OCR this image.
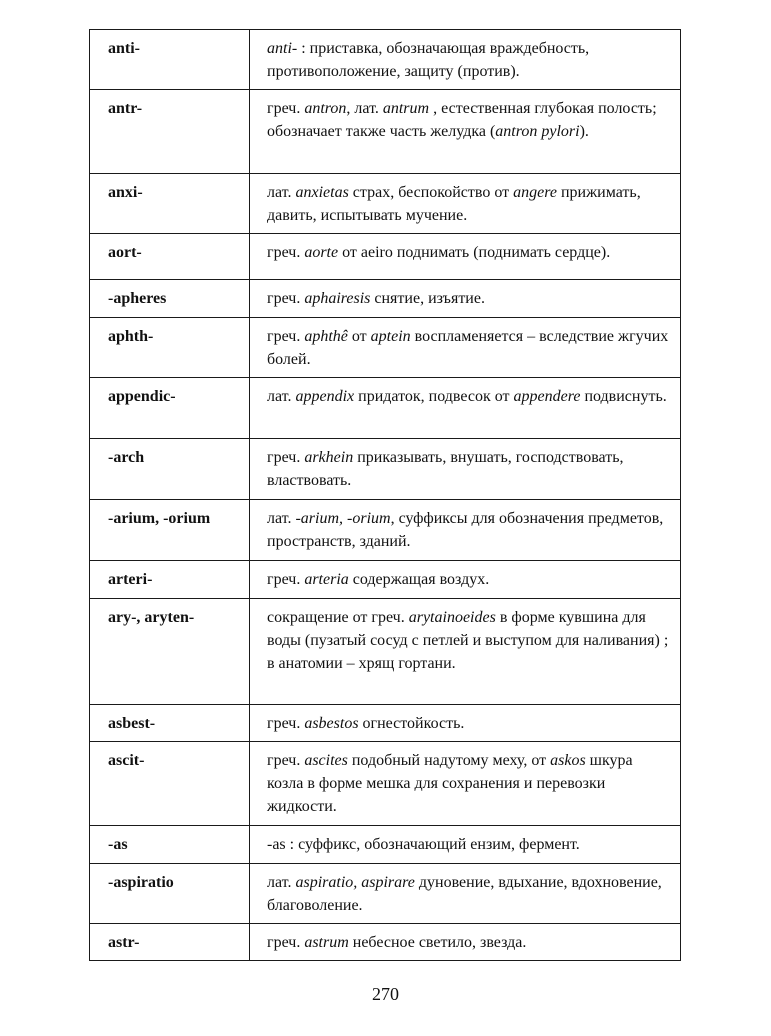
anti-	anti- : приставка, обозначающая враждебность, противоположение, защиту (против).
antr-	греч. antron, лат. antrum , естественная глубокая полость; обозначает также часть желудка (antron pylori).
anxi-	лат. anxietas страх, беспокойство от angere прижимать, давить, испытывать мучение.
aort-	греч. aorte от aeiro поднимать (поднимать сердце).
-apheres	греч. aphairesis снятие, изъятие.
aphth-	греч. aphthê от aptein воспламеняется – вследствие жгучих болей.
appendic-	лат. appendix придаток, подвесок от appendere подвиснуть.
-arch	греч. arkhein приказывать, внушать, господствовать, властвовать.
-arium, -orium	лат. -arium, -orium, суффиксы для обозначения предметов, пространств, зданий.
arteri-	греч. arteria содержащая воздух.
ary-, aryten-	сокращение от греч. arytainoeides в форме кувшина для воды (пузатый сосуд с петлей и выступом для наливания) ; в анатомии – хрящ гортани.
asbest-	греч. asbestos огнестойкость.
ascit-	греч. ascites подобный надутому меху, от askos шкура козла в форме мешка для сохранения и перевозки жидкости.
-as	-as : суффикс, обозначающий ензим, фермент.
-aspiratio	лат. aspiratio, aspirare дуновение, вдыхание, вдохновение, благоволение.
astr-	греч. astrum небесное светило, звезда.
270
